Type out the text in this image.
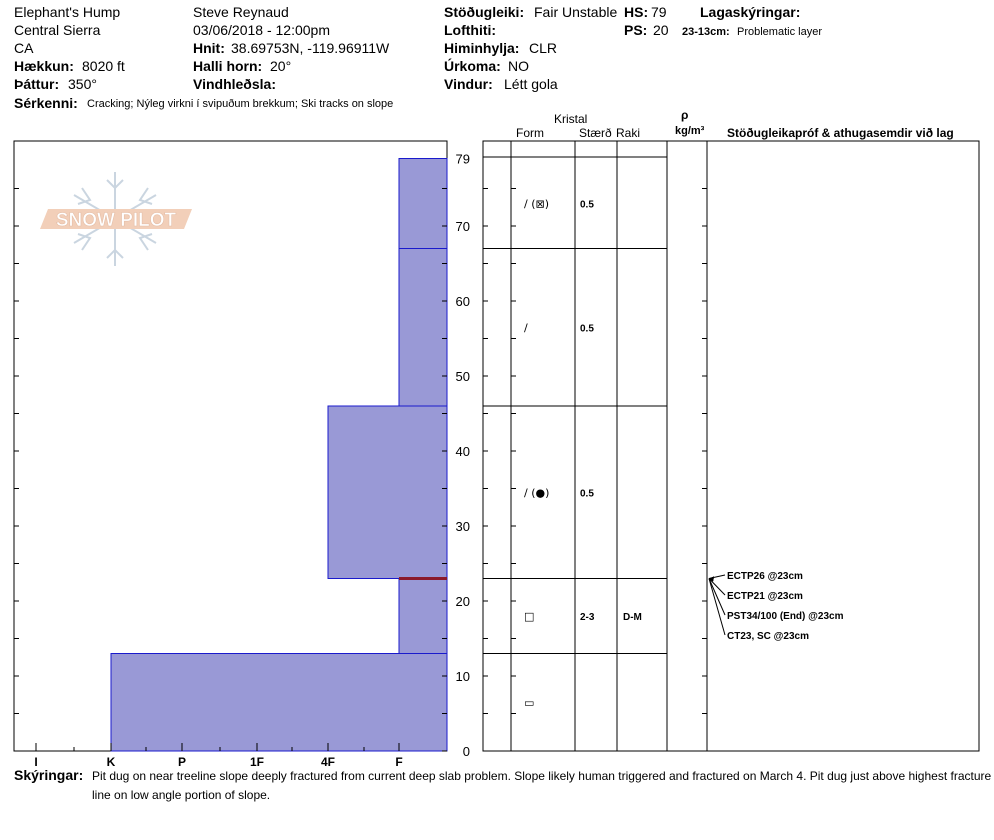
Elephant's Hump
Central Sierra
CA
Hækkun: 8020 ft
Þáttur: 350°
Sérkenni: Cracking; Nýleg virkni í svipuðum brekkum; Ski tracks on slope
Steve Reynaud
03/06/2018 - 12:00pm
Hnit: 38.69753N, -119.96911W
Halli horn: 20°
Vindhleðsla:
Stöðugleiki: Fair Unstable
Lofthiti:
Himinhylja: CLR
Úrkoma: NO
Vindur: Létt gola
HS: 79
PS: 20
Lagaskýringar:
23-13cm: Problematic layer
Kristal
Form	Stærð Raki
ρ
kg/m³ Stöðugleikapróf & athugasemdir við lag
SNOW PILOT
0
10
20
30
40
50
60
70
79
I	K	P	1F	4F	F
/ (⊠)	0.5
/	0.5
/ (●)	0.5
□	2-3	D-M
▭
ECTP26 @23cm
ECTP21 @23cm
PST34/100 (End) @23cm
CT23, SC @23cm
Skýringar: Pit dug on near treeline slope deeply fractured from current deep slab problem. Slope likely human triggered and fractured on March 4. Pit dug just above highest fracture line on low angle portion of slope.
